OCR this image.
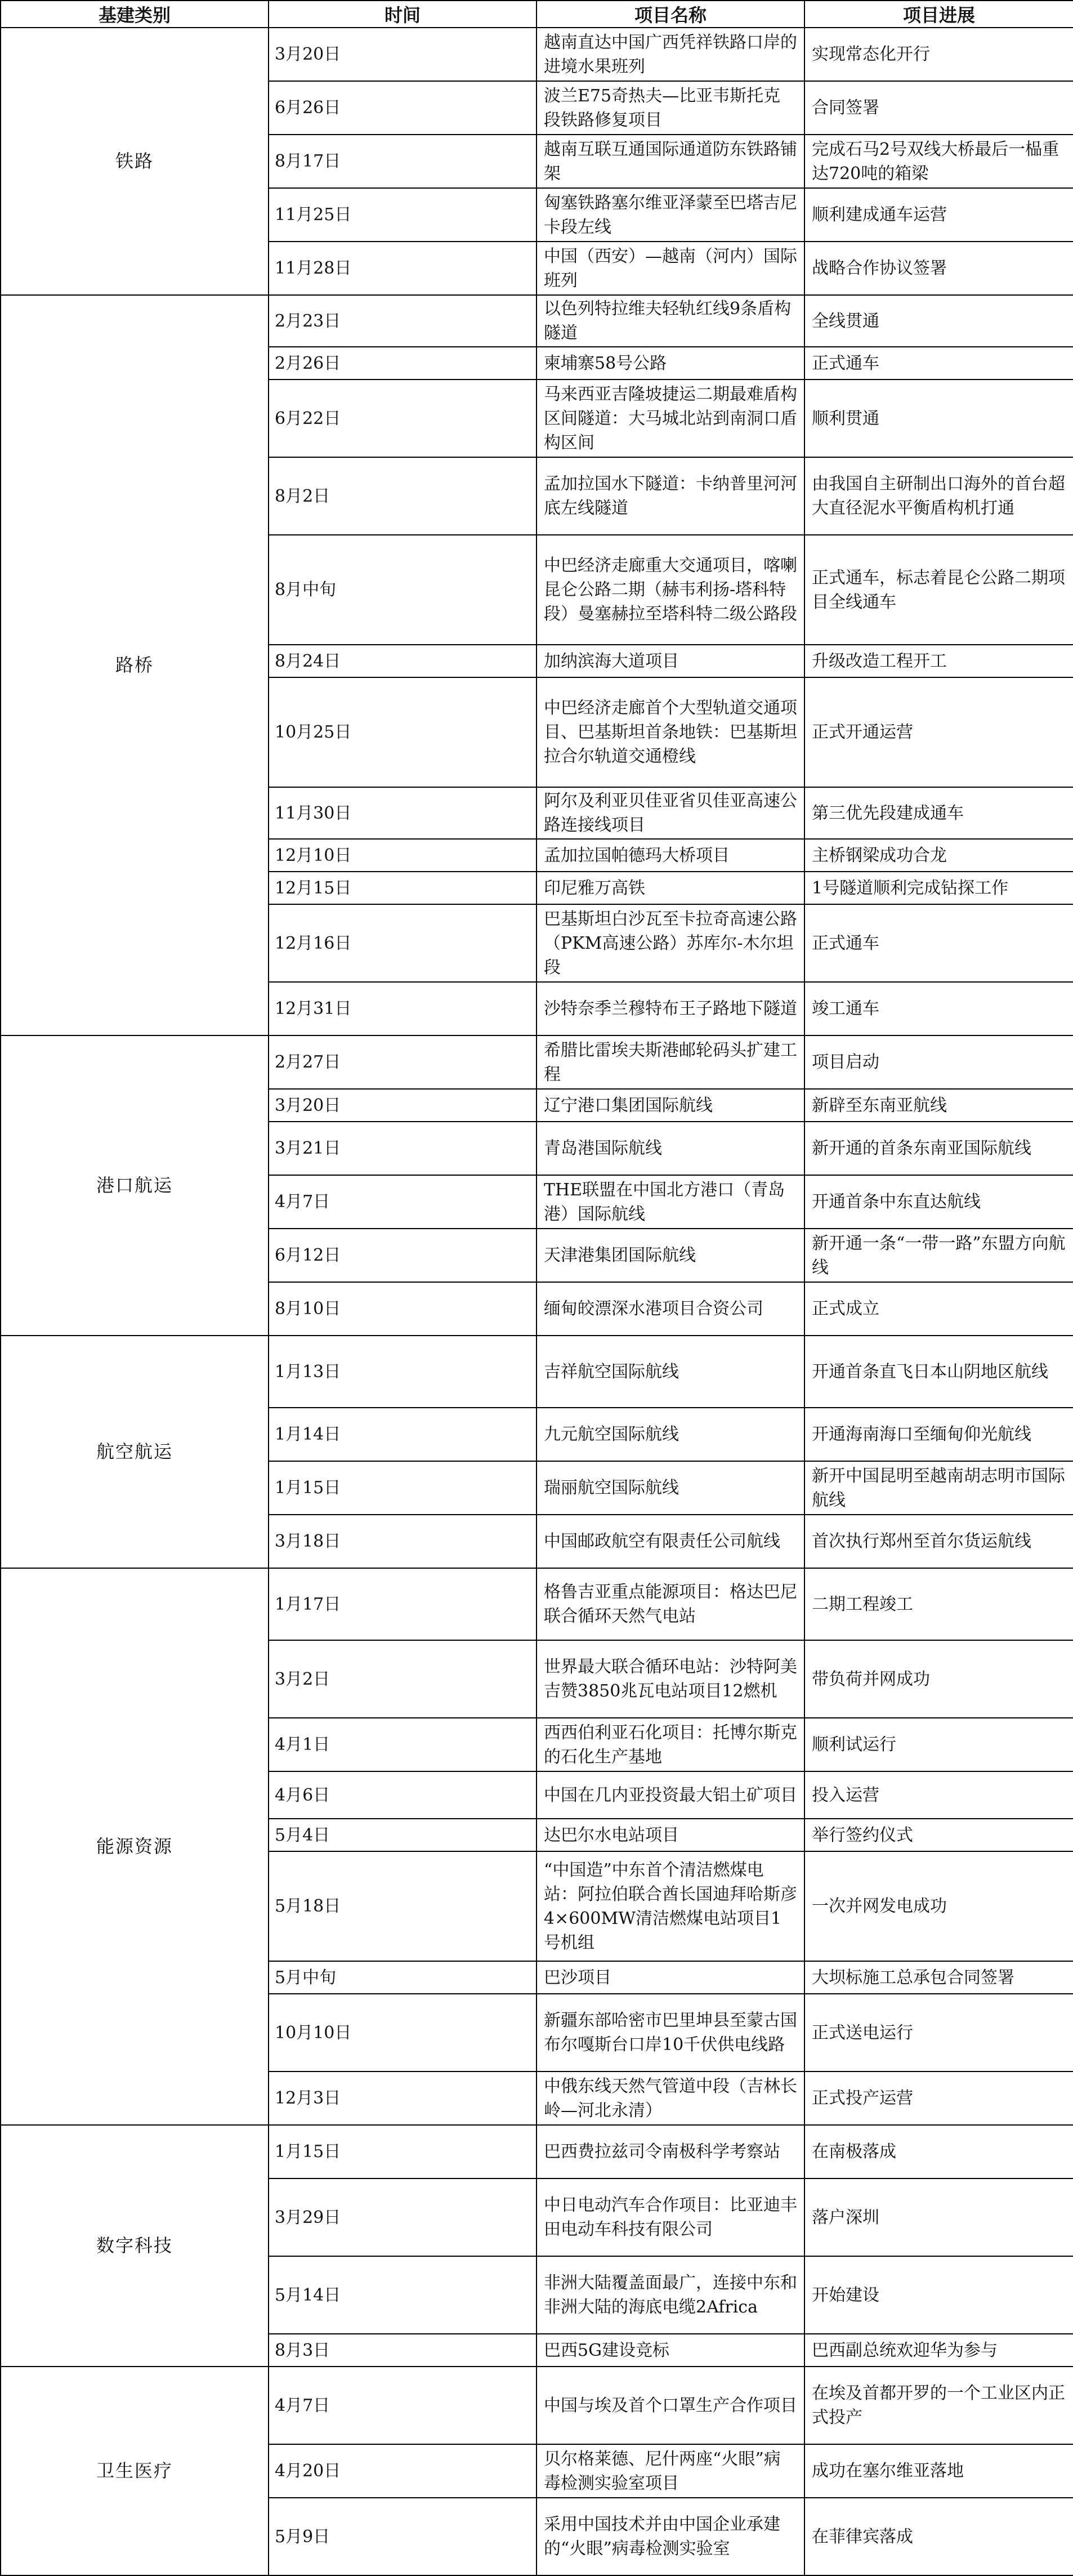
基建类别	时间	项目名称	项目进展
铁路	3月20日	越南直达中国广西凭祥铁路口岸的进境水果班列	实现常态化开行
	6月26日	波兰E75奇热夫—比亚韦斯托克段铁路修复项目	合同签署
	8月17日	越南互联互通国际通道防东铁路铺架	完成石马2号双线大桥最后一榀重达720吨的箱梁
	11月25日	匈塞铁路塞尔维亚泽蒙至巴塔吉尼卡段左线	顺利建成通车运营
	11月28日	中国（西安）—越南（河内）国际班列	战略合作协议签署
路桥	2月23日	以色列特拉维夫轻轨红线9条盾构隧道	全线贯通
	2月26日	柬埔寨58号公路	正式通车
	6月22日	马来西亚吉隆坡捷运二期最难盾构区间隧道：大马城北站到南洞口盾构区间	顺利贯通
	8月2日	孟加拉国水下隧道：卡纳普里河河底左线隧道	由我国自主研制出口海外的首台超大直径泥水平衡盾构机打通
	8月中旬	中巴经济走廊重大交通项目，喀喇昆仑公路二期（赫韦利扬-塔科特段）曼塞赫拉至塔科特二级公路段	正式通车，标志着昆仑公路二期项目全线通车
	8月24日	加纳滨海大道项目	升级改造工程开工
	10月25日	中巴经济走廊首个大型轨道交通项目、巴基斯坦首条地铁：巴基斯坦拉合尔轨道交通橙线	正式开通运营
	11月30日	阿尔及利亚贝佳亚省贝佳亚高速公路连接线项目	第三优先段建成通车
	12月10日	孟加拉国帕德玛大桥项目	主桥钢梁成功合龙
	12月15日	印尼雅万高铁	1号隧道顺利完成钻探工作
	12月16日	巴基斯坦白沙瓦至卡拉奇高速公路（PKM高速公路）苏库尔-木尔坦段	正式通车
	12月31日	沙特奈季兰穆特布王子路地下隧道	竣工通车
港口航运	2月27日	希腊比雷埃夫斯港邮轮码头扩建工程	项目启动
	3月20日	辽宁港口集团国际航线	新辟至东南亚航线
	3月21日	青岛港国际航线	新开通的首条东南亚国际航线
	4月7日	THE联盟在中国北方港口（青岛港）国际航线	开通首条中东直达航线
	6月12日	天津港集团国际航线	新开通一条“一带一路”东盟方向航线
	8月10日	缅甸皎漂深水港项目合资公司	正式成立
航空航运	1月13日	吉祥航空国际航线	开通首条直飞日本山阴地区航线
	1月14日	九元航空国际航线	开通海南海口至缅甸仰光航线
	1月15日	瑞丽航空国际航线	新开中国昆明至越南胡志明市国际航线
	3月18日	中国邮政航空有限责任公司航线	首次执行郑州至首尔货运航线
能源资源	1月17日	格鲁吉亚重点能源项目：格达巴尼联合循环天然气电站	二期工程竣工
	3月2日	世界最大联合循环电站：沙特阿美吉赞3850兆瓦电站项目12燃机	带负荷并网成功
	4月1日	西西伯利亚石化项目：托博尔斯克的石化生产基地	顺利试运行
	4月6日	中国在几内亚投资最大铝土矿项目	投入运营
	5月4日	达巴尔水电站项目	举行签约仪式
	5月18日	“中国造”中东首个清洁燃煤电站：阿拉伯联合酋长国迪拜哈斯彦4×600MW清洁燃煤电站项目1号机组	一次并网发电成功
	5月中旬	巴沙项目	大坝标施工总承包合同签署
	10月10日	新疆东部哈密市巴里坤县至蒙古国布尔嘎斯台口岸10千伏供电线路	正式送电运行
	12月3日	中俄东线天然气管道中段（吉林长岭—河北永清）	正式投产运营
数字科技	1月15日	巴西费拉兹司令南极科学考察站	在南极落成
	3月29日	中日电动汽车合作项目：比亚迪丰田电动车科技有限公司	落户深圳
	5月14日	非洲大陆覆盖面最广，连接中东和非洲大陆的海底电缆2Africa	开始建设
	8月3日	巴西5G建设竞标	巴西副总统欢迎华为参与
卫生医疗	4月7日	中国与埃及首个口罩生产合作项目	在埃及首都开罗的一个工业区内正式投产
	4月20日	贝尔格莱德、尼什两座“火眼”病毒检测实验室项目	成功在塞尔维亚落地
	5月9日	采用中国技术并由中国企业承建的“火眼”病毒检测实验室	在菲律宾落成
